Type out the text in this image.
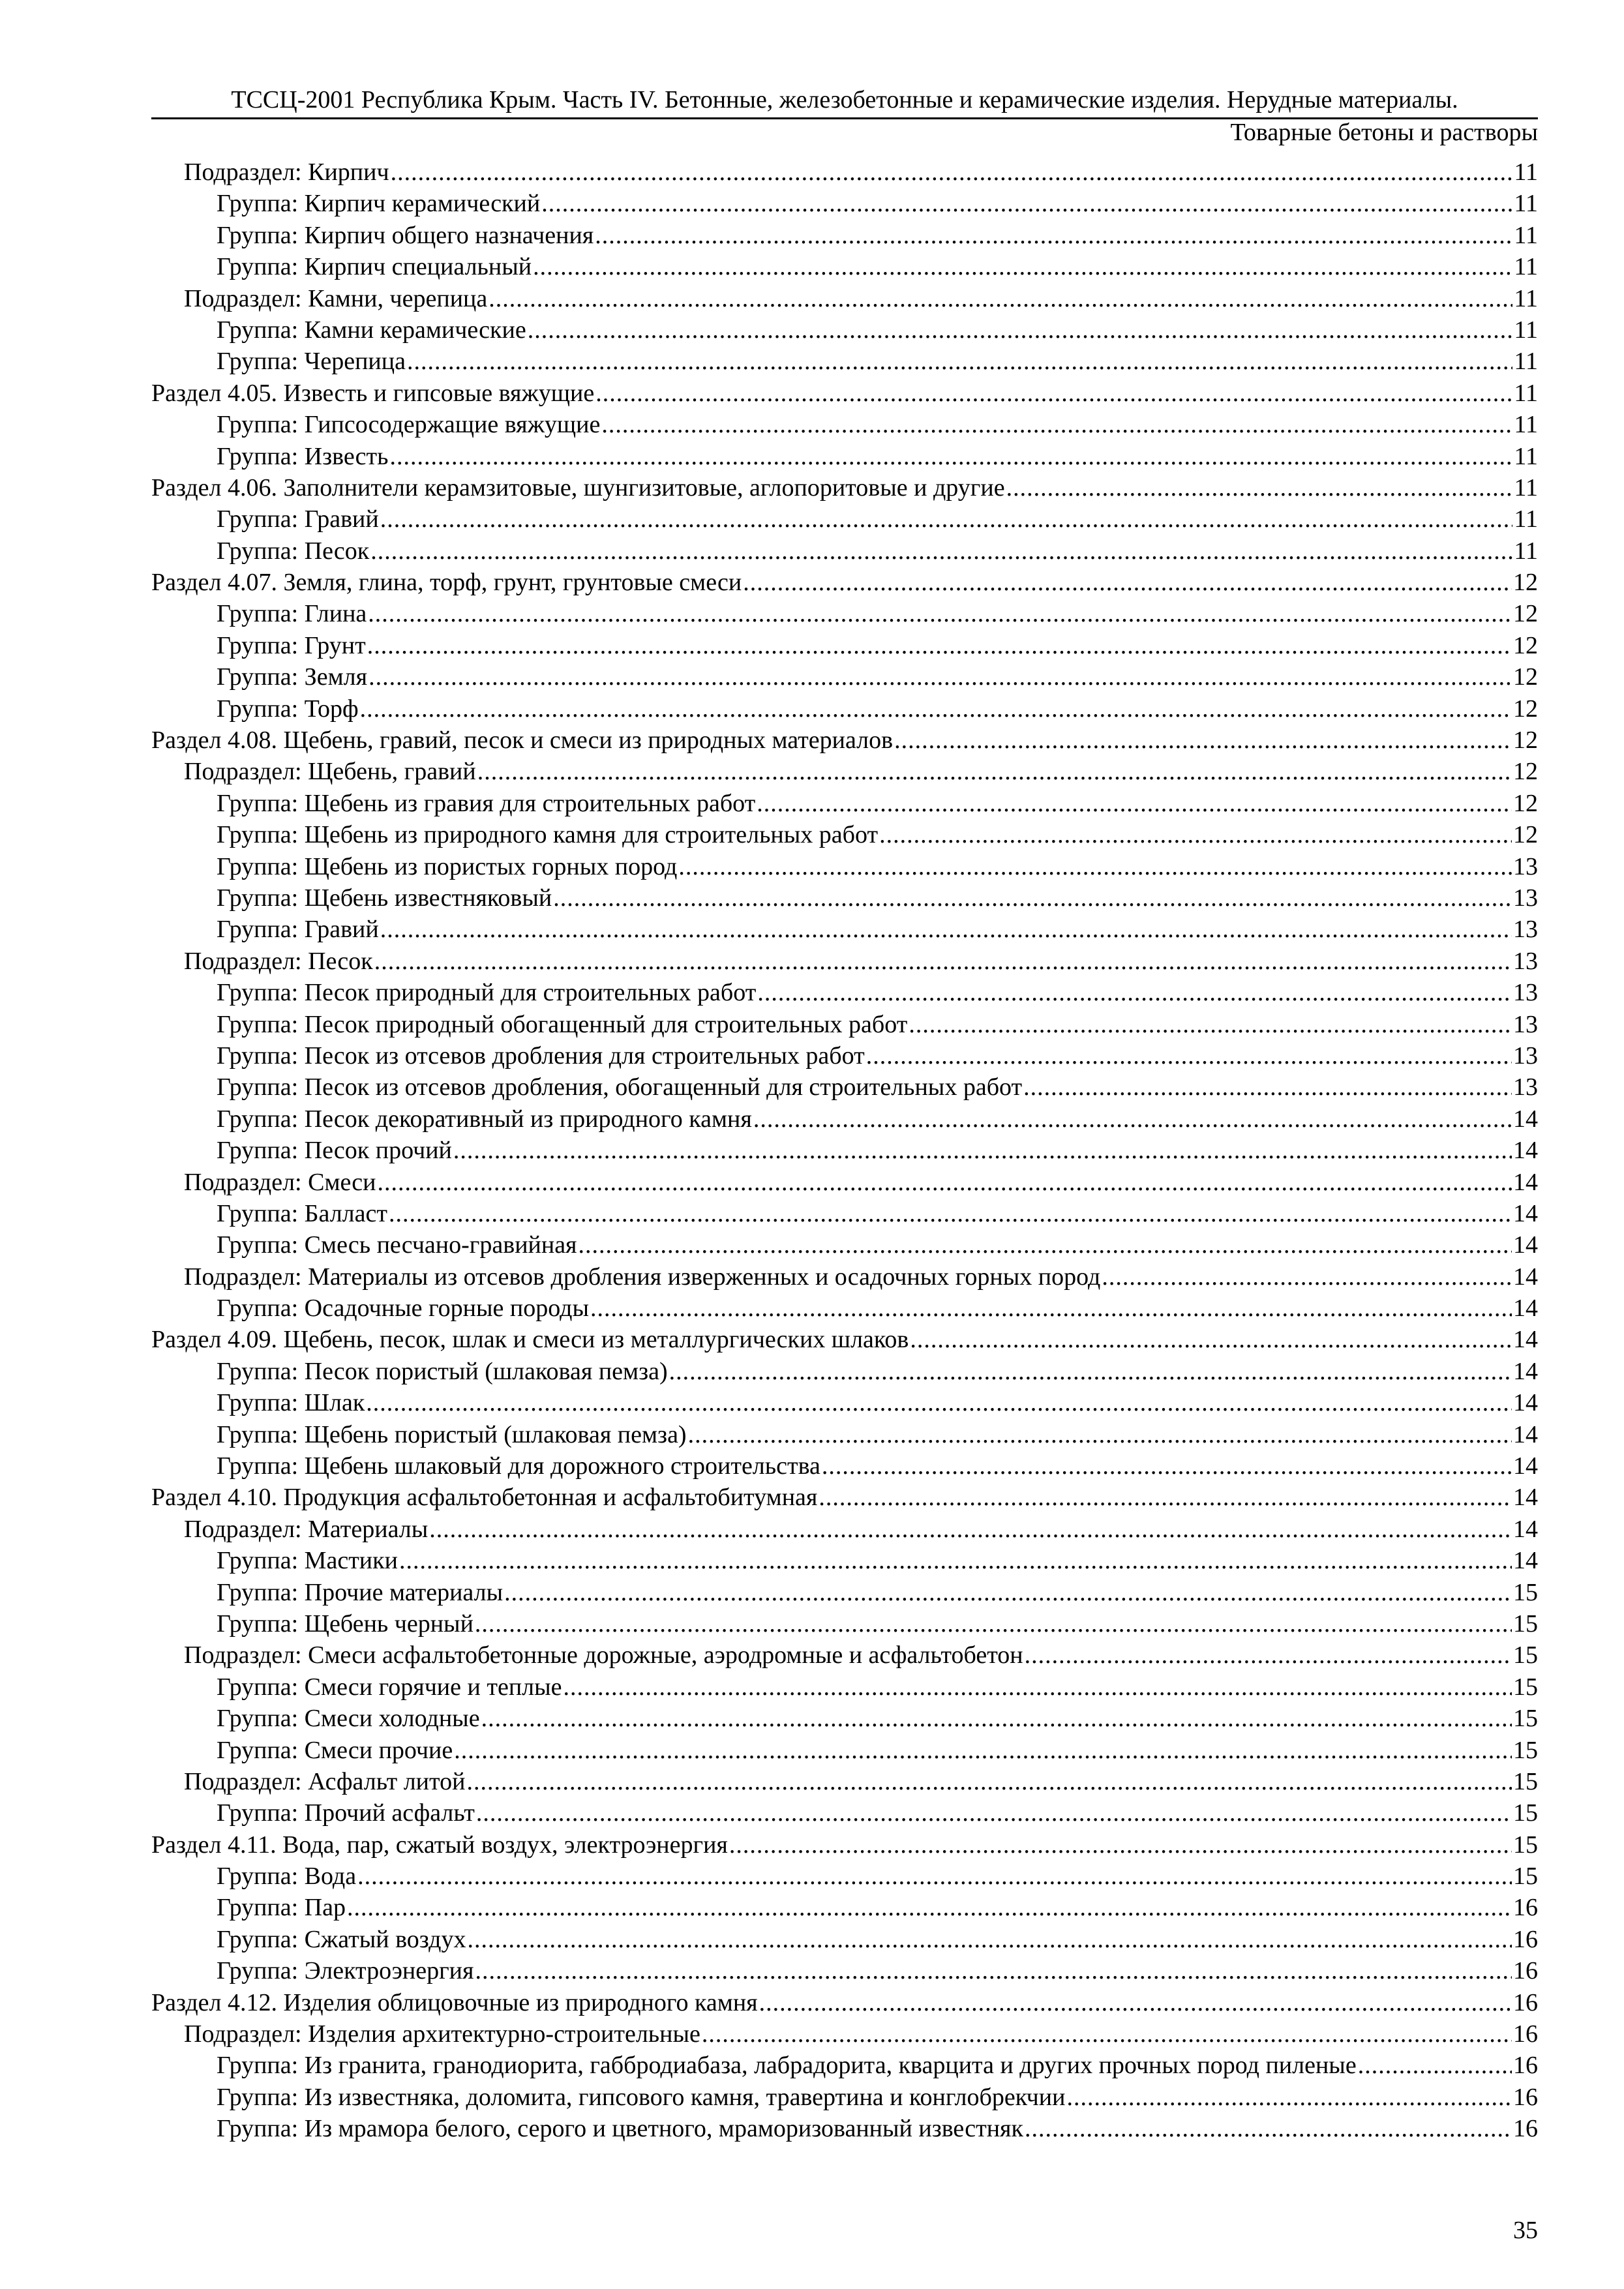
ТССЦ-2001 Республика Крым. Часть IV. Бетонные, железобетонные и керамические изделия. Нерудные материалы.
Товарные бетоны и растворы
Подраздел: Кирпич .....	11
Группа: Кирпич керамический .....	11
Группа: Кирпич общего назначения .....	11
Группа: Кирпич специальный .....	11
Подраздел: Камни, черепица .....	11
Группа: Камни керамические .....	11
Группа: Черепица .....	11
Раздел 4.05. Известь и гипсовые вяжущие .....	11
Группа: Гипсосодержащие вяжущие .....	11
Группа: Известь .....	11
Раздел 4.06. Заполнители керамзитовые, шунгизитовые, аглопоритовые и другие .....	11
Группа: Гравий .....	11
Группа: Песок .....	11
Раздел 4.07. Земля, глина, торф, грунт, грунтовые смеси .....	12
Группа: Глина .....	12
Группа: Грунт .....	12
Группа: Земля .....	12
Группа: Торф .....	12
Раздел 4.08. Щебень, гравий, песок и смеси из природных материалов .....	12
Подраздел: Щебень, гравий .....	12
Группа: Щебень из гравия для строительных работ .....	12
Группа: Щебень из природного камня для строительных работ .....	12
Группа: Щебень из пористых горных пород .....	13
Группа: Щебень известняковый .....	13
Группа: Гравий .....	13
Подраздел: Песок .....	13
Группа: Песок природный для строительных работ .....	13
Группа: Песок природный обогащенный для строительных работ .....	13
Группа: Песок из отсевов дробления для строительных работ .....	13
Группа: Песок из отсевов дробления, обогащенный для строительных работ .....	13
Группа: Песок декоративный из природного камня .....	14
Группа: Песок прочий .....	14
Подраздел: Смеси .....	14
Группа: Балласт .....	14
Группа: Смесь песчано-гравийная .....	14
Подраздел: Материалы из отсевов дробления изверженных и осадочных горных пород .....	14
Группа: Осадочные горные породы .....	14
Раздел 4.09. Щебень, песок, шлак и смеси из металлургических шлаков .....	14
Группа: Песок пористый (шлаковая пемза) .....	14
Группа: Шлак .....	14
Группа: Щебень пористый (шлаковая пемза) .....	14
Группа: Щебень шлаковый для дорожного строительства .....	14
Раздел 4.10. Продукция асфальтобетонная и асфальтобитумная .....	14
Подраздел: Материалы .....	14
Группа: Мастики .....	14
Группа: Прочие материалы .....	15
Группа: Щебень черный .....	15
Подраздел: Смеси асфальтобетонные дорожные, аэродромные и асфальтобетон .....	15
Группа: Смеси горячие и теплые .....	15
Группа: Смеси холодные .....	15
Группа: Смеси прочие .....	15
Подраздел: Асфальт литой .....	15
Группа: Прочий асфальт .....	15
Раздел 4.11. Вода, пар, сжатый воздух, электроэнергия .....	15
Группа: Вода .....	15
Группа: Пар .....	16
Группа: Сжатый воздух .....	16
Группа: Электроэнергия .....	16
Раздел 4.12. Изделия облицовочные из природного камня .....	16
Подраздел: Изделия архитектурно-строительные .....	16
Группа: Из гранита, гранодиорита, габбродиабаза, лабрадорита, кварцита и других прочных пород пиленые .....	16
Группа: Из известняка, доломита, гипсового камня, травертина и конглобрекчии .....	16
Группа: Из мрамора белого, серого и цветного, мраморизованный известняк .....	16
35
